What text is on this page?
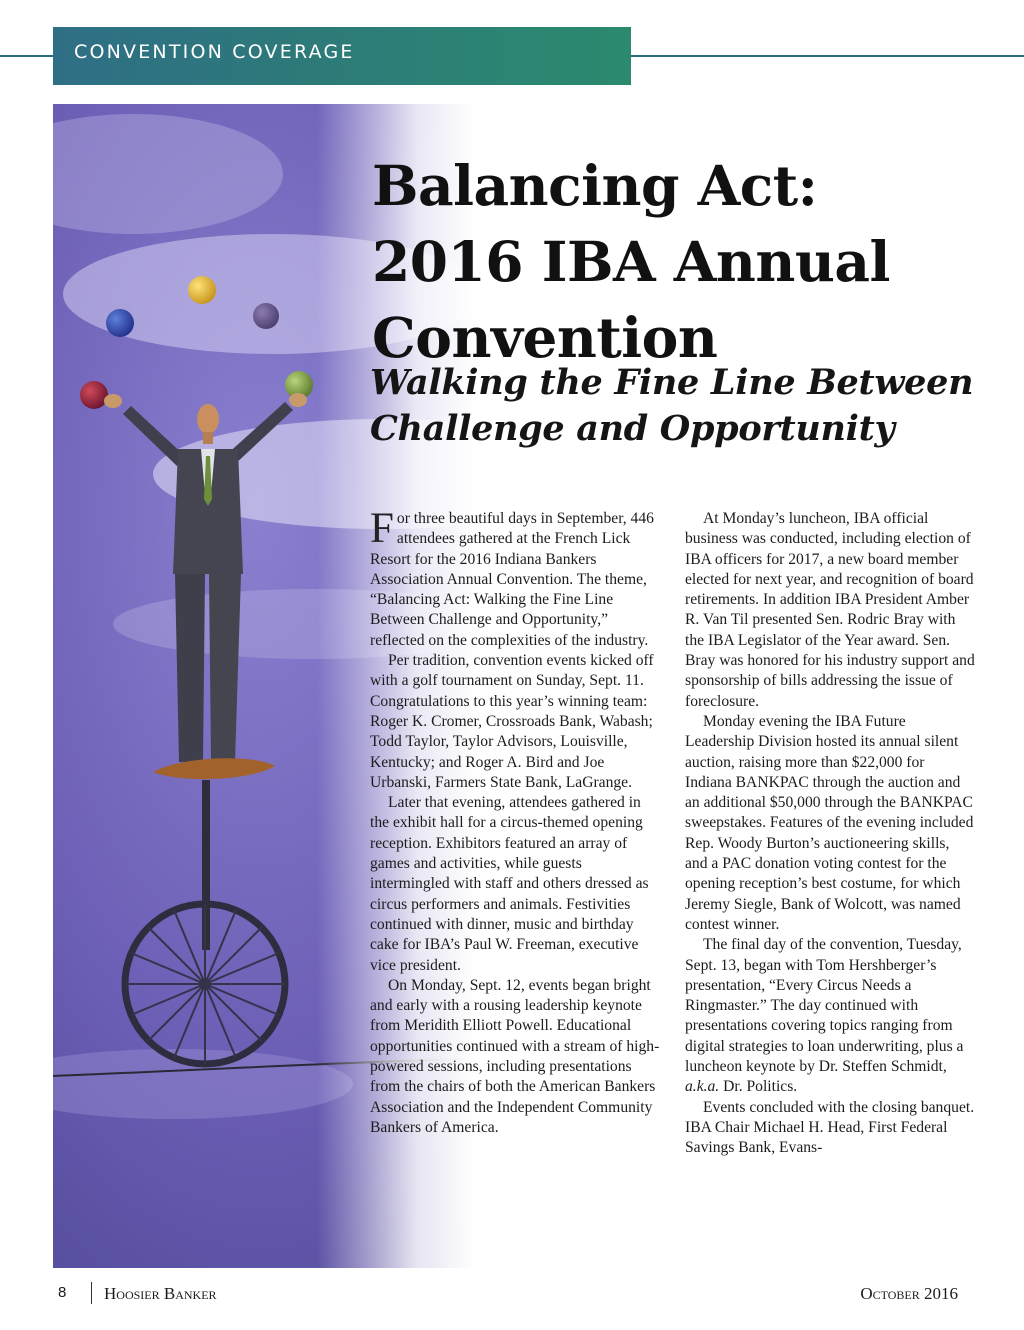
CONVENTION COVERAGE
Balancing Act:
2016 IBA Annual
Convention
Walking the Fine Line Between
Challenge and Opportunity

For three beautiful days in September, 446 attendees gathered at the French Lick Resort for the 2016 Indiana Bankers Association Annual Convention. The theme, “Balancing Act: Walking the Fine Line Between Challenge and Opportunity,” reflected on the complexities of the industry.

Per tradition, convention events kicked off with a golf tournament on Sunday, Sept. 11. Congratulations to this year’s winning team: Roger K. Cromer, Crossroads Bank, Wabash; Todd Taylor, Taylor Advisors, Louisville, Kentucky; and Roger A. Bird and Joe Urbanski, Farmers State Bank, LaGrange.

Later that evening, attendees gathered in the exhibit hall for a circus-themed opening reception. Exhibitors featured an array of games and activities, while guests intermingled with staff and others dressed as circus performers and animals. Festivities continued with dinner, music and birthday cake for IBA’s Paul W. Freeman, executive vice president.

On Monday, Sept. 12, events began bright and early with a rousing leadership keynote from Meridith Elliott Powell. Educational opportunities continued with a stream of high-powered sessions, including presentations from the chairs of both the American Bankers Association and the Independent Community Bankers of America.

At Monday’s luncheon, IBA official business was conducted, including election of IBA officers for 2017, a new board member elected for next year, and recognition of board retirements. In addition IBA President Amber R. Van Til presented Sen. Rodric Bray with the IBA Legislator of the Year award. Sen. Bray was honored for his industry support and sponsorship of bills addressing the issue of foreclosure.

Monday evening the IBA Future Leadership Division hosted its annual silent auction, raising more than $22,000 for Indiana BANKPAC through the auction and an additional $50,000 through the BANKPAC sweepstakes. Features of the evening included Rep. Woody Burton’s auctioneering skills, and a PAC donation voting contest for the opening reception’s best costume, for which Jeremy Siegle, Bank of Wolcott, was named contest winner.

The final day of the convention, Tuesday, Sept. 13, began with Tom Hershberger’s presentation, “Every Circus Needs a Ringmaster.” The day continued with presentations covering topics ranging from digital strategies to loan underwriting, plus a luncheon keynote by Dr. Steffen Schmidt, a.k.a. Dr. Politics.

Events concluded with the closing banquet. IBA Chair Michael H. Head, First Federal Savings Bank, Evans-

8 Hoosier Banker	October 2016
